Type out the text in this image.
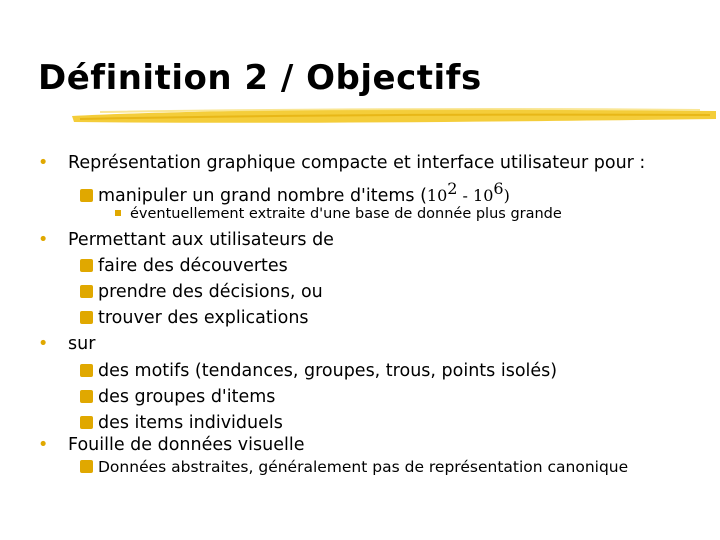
Définition 2 / Objectifs
• Représentation graphique compacte et interface utilisateur pour :
manipuler un grand nombre d'items $(10^2 - 10^6)$
éventuellement extraite d'une base de donnée plus grande
• Permettant aux utilisateurs de
faire des découvertes
prendre des décisions, ou
trouver des explications
• sur
des motifs (tendances, groupes, trous, points isolés)
des groupes d'items
des items individuels
• Fouille de données visuelle
Données abstraites, généralement pas de représentation canonique
